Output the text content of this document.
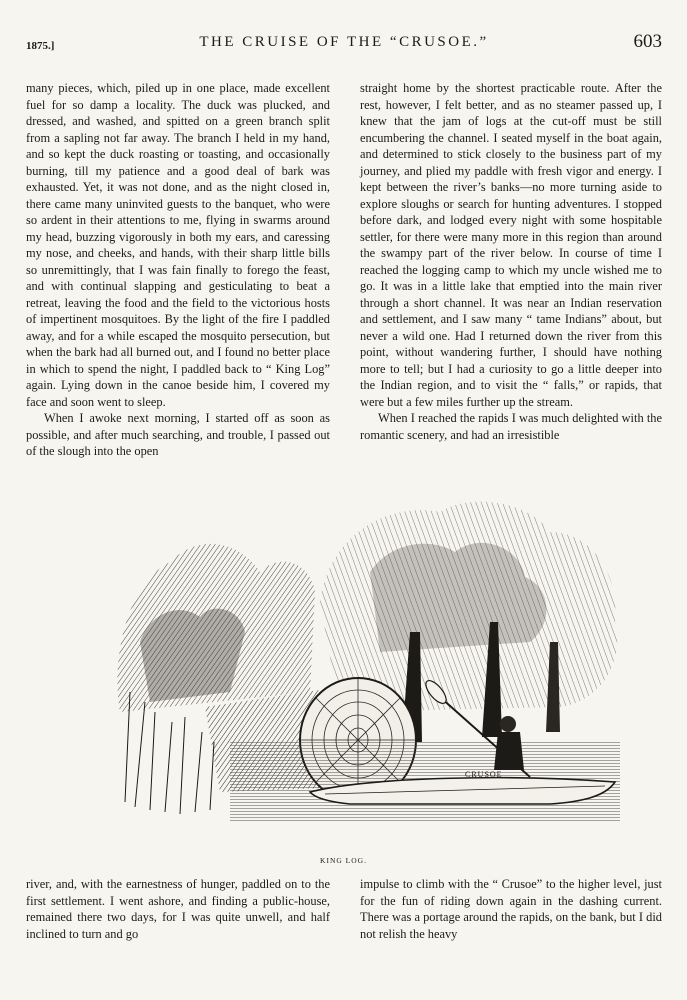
1875.]	THE CRUISE OF THE “CRUSOE.”	603

many pieces, which, piled up in one place, made excellent fuel for so damp a locality. The duck was plucked, and dressed, and washed, and spitted on a green branch split from a sapling not far away. The branch I held in my hand, and so kept the duck roasting or toasting, and occasionally burning, till my patience and a good deal of bark was exhausted. Yet, it was not done, and as the night closed in, there came many uninvited guests to the banquet, who were so ardent in their attentions to me, flying in swarms around my head, buzzing vigorously in both my ears, and caressing my nose, and cheeks, and hands, with their sharp little bills so unremittingly, that I was fain finally to forego the feast, and with continual slapping and gesticulating to beat a retreat, leaving the food and the field to the victorious hosts of impertinent mosquitoes. By the light of the fire I paddled away, and for a while escaped the mosquito persecution, but when the bark had all burned out, and I found no better place in which to spend the night, I paddled back to “ King Log” again. Lying down in the canoe beside him, I covered my face and soon went to sleep.

When I awoke next morning, I started off as soon as possible, and after much searching, and trouble, I passed out of the slough into the open

straight home by the shortest practicable route. After the rest, however, I felt better, and as no steamer passed up, I knew that the jam of logs at the cut-off must be still encumbering the channel. I seated myself in the boat again, and determined to stick closely to the business part of my journey, and plied my paddle with fresh vigor and energy. I kept between the river’s banks—no more turning aside to explore sloughs or search for hunting adventures. I stopped before dark, and lodged every night with some hospitable settler, for there were many more in this region than around the swampy part of the river below. In course of time I reached the logging camp to which my uncle wished me to go. It was in a little lake that emptied into the main river through a short channel. It was near an Indian reservation and settlement, and I saw many “ tame Indians” about, but never a wild one. Had I returned down the river from this point, without wandering further, I should have nothing more to tell; but I had a curiosity to go a little deeper into the Indian region, and to visit the “ falls,” or rapids, that were but a few miles further up the stream.

When I reached the rapids I was much delighted with the romantic scenery, and had an irresistible

CRUSOE
KING LOG.

river, and, with the earnestness of hunger, paddled on to the first settlement. I went ashore, and finding a public-house, remained there two days, for I was quite unwell, and half inclined to turn and go

impulse to climb with the “ Crusoe” to the higher level, just for the fun of riding down again in the dashing current. There was a portage around the rapids, on the bank, but I did not relish the heavy
